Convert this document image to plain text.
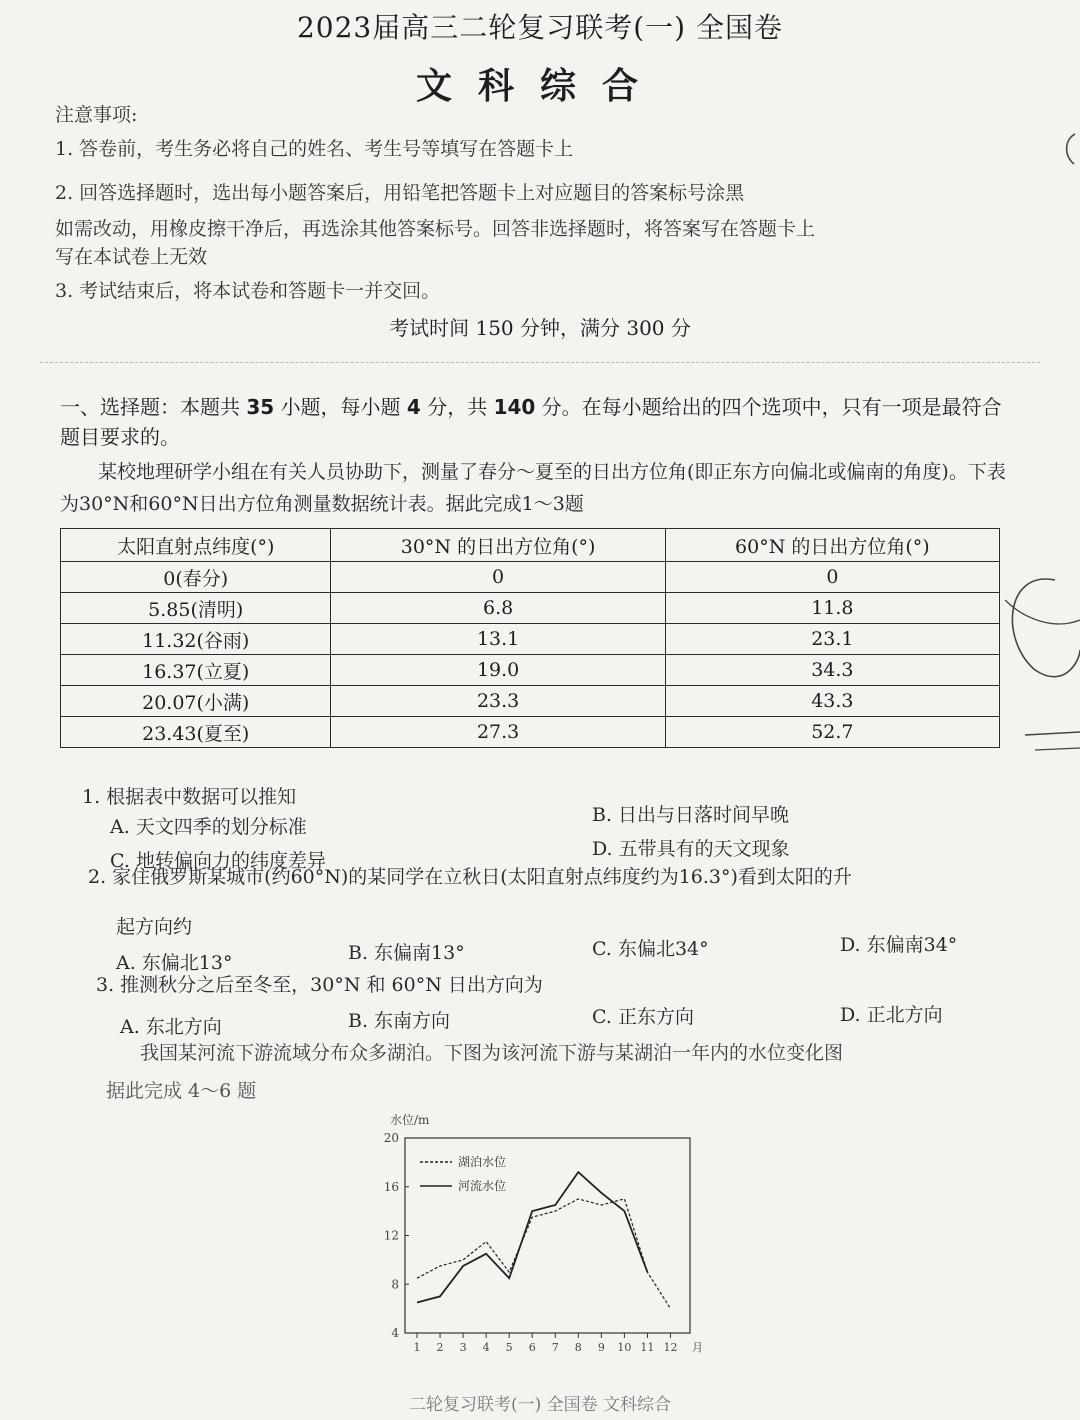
2023届高三二轮复习联考(一) 全国卷
文科综合
注意事项:
1. 答卷前，考生务必将自己的姓名、考生号等填写在答题卡上
2. 回答选择题时，选出每小题答案后，用铅笔把答题卡上对应题目的答案标号涂黑
如需改动，用橡皮擦干净后，再选涂其他答案标号。回答非选择题时，将答案写在答题卡上
写在本试卷上无效
3. 考试结束后，将本试卷和答题卡一并交回。
考试时间 150 分钟，满分 300 分
一、选择题：本题共 35 小题，每小题 4 分，共 140 分。在每小题给出的四个选项中，只有一项是最符合题目要求的。
某校地理研学小组在有关人员协助下，测量了春分～夏至的日出方位角(即正东方向偏北或偏南的角度)。下表为30°N和60°N日出方位角测量数据统计表。据此完成1～3题
太阳直射点纬度(°)	30°N 的日出方位角(°)	60°N 的日出方位角(°)
0(春分)	0	0
5.85(清明)	6.8	11.8
11.32(谷雨)	13.1	23.1
16.37(立夏)	19.0	34.3
20.07(小满)	23.3	43.3
23.43(夏至)	27.3	52.7
1. 根据表中数据可以推知
A. 天文四季的划分标准
B. 日出与日落时间早晚
C. 地转偏向力的纬度差异
D. 五带具有的天文现象
2. 家住俄罗斯某城市(约60°N)的某同学在立秋日(太阳直射点纬度约为16.3°)看到太阳的升
起方向约
A. 东偏北13°	B. 东偏南13°	C. 东偏北34°	D. 东偏南34°
3. 推测秋分之后至冬至，30°N 和 60°N 日出方向为
A. 东北方向	B. 东南方向	C. 正东方向	D. 正北方向
我国某河流下游流域分布众多湖泊。下图为该河流下游与某湖泊一年内的水位变化图
据此完成 4～6 题
水位/m
4
8
12
16
20
1 2 3 4 5 6 7 8 9 10 11 12 月
湖泊水位
河流水位
二轮复习联考(一) 全国卷 文科综合
